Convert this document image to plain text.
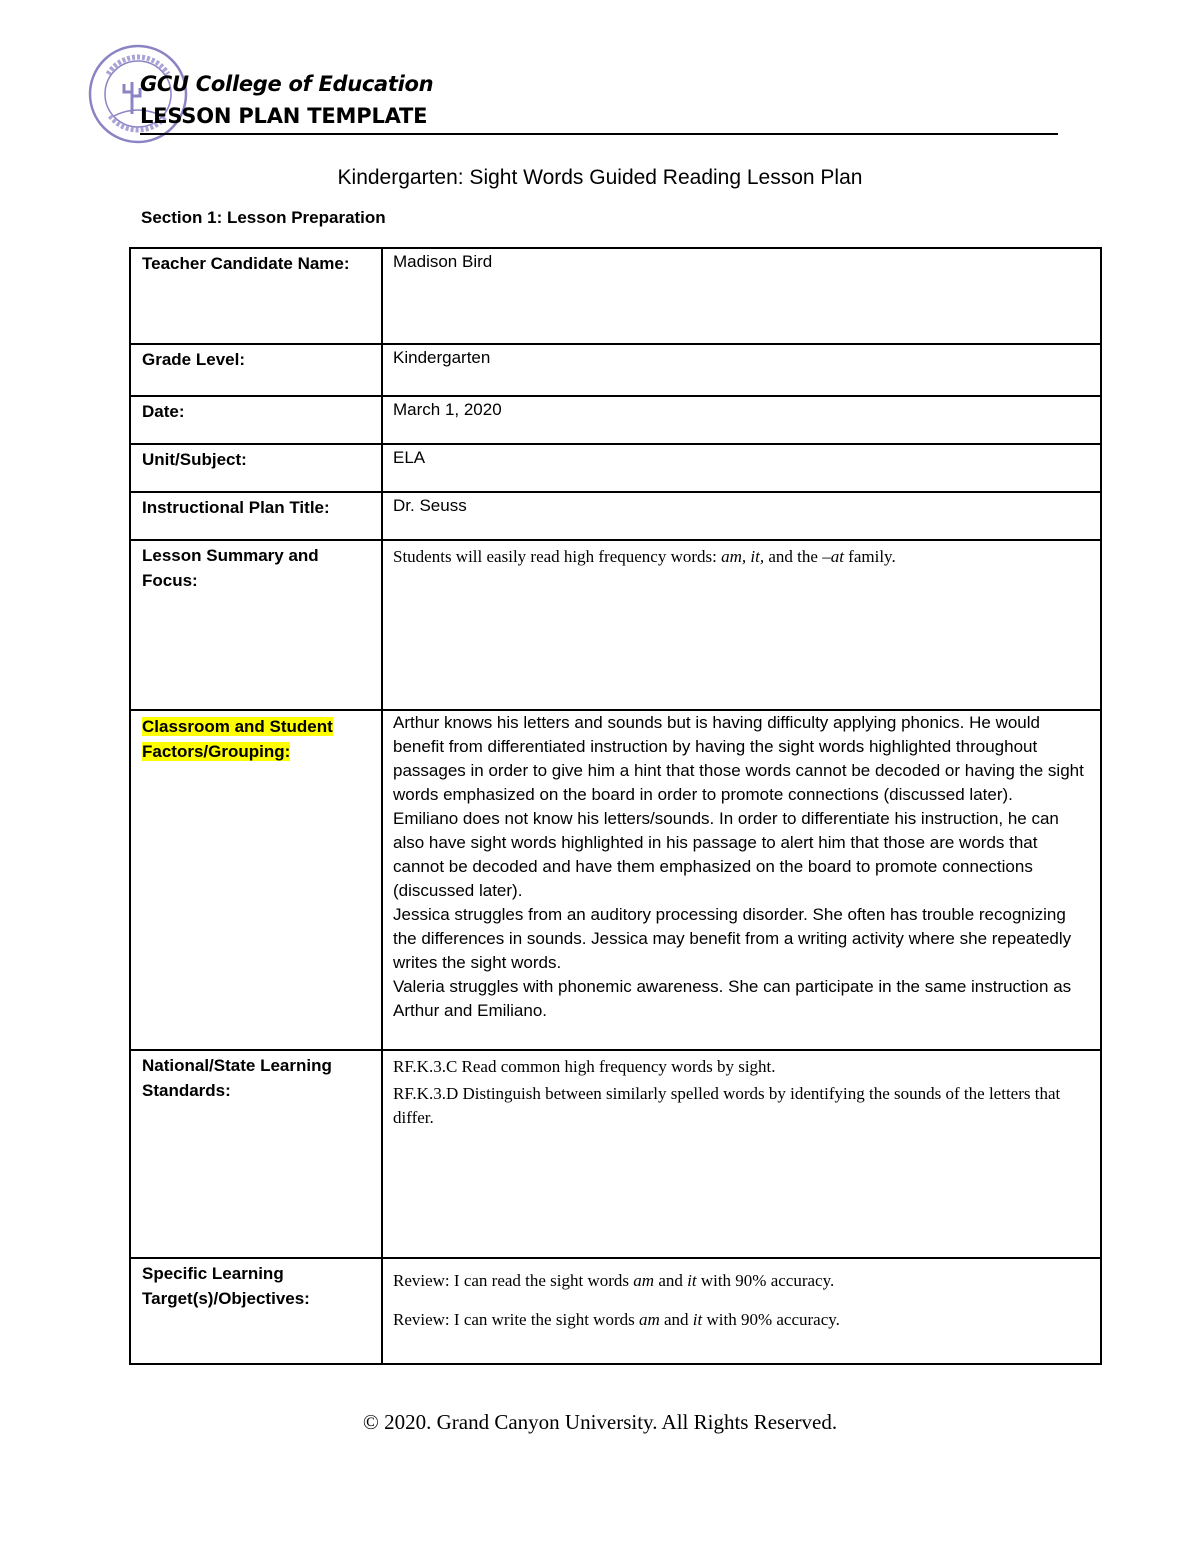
GCU College of Education
LESSON PLAN TEMPLATE
Kindergarten: Sight Words Guided Reading Lesson Plan
Section 1: Lesson Preparation
Teacher Candidate Name:	Madison Bird

Grade Level:	Kindergarten

Date:	March 1, 2020

Unit/Subject:	ELA

Instructional Plan Title:	Dr. Seuss

Lesson Summary and Focus:	Students will easily read high frequency words: am, it, and the –at family.

Classroom and Student Factors/Grouping:	Arthur knows his letters and sounds but is having difficulty applying phonics. He would benefit from differentiated instruction by having the sight words highlighted throughout passages in order to give him a hint that those words cannot be decoded or having the sight words emphasized on the board in order to promote connections (discussed later).
Emiliano does not know his letters/sounds. In order to differentiate his instruction, he can also have sight words highlighted in his passage to alert him that those are words that cannot be decoded and have them emphasized on the board to promote connections (discussed later).
Jessica struggles from an auditory processing disorder. She often has trouble recognizing the differences in sounds. Jessica may benefit from a writing activity where she repeatedly writes the sight words.
Valeria struggles with phonemic awareness. She can participate in the same instruction as Arthur and Emiliano.

National/State Learning Standards:	RF.K.3.C Read common high frequency words by sight.

RF.K.3.D Distinguish between similarly spelled words by identifying the sounds of the letters that differ.

Specific Learning Target(s)/Objectives:	Review: I can read the sight words am and it with 90% accuracy.

Review: I can write the sight words am and it with 90% accuracy.

© 2020. Grand Canyon University. All Rights Reserved.
